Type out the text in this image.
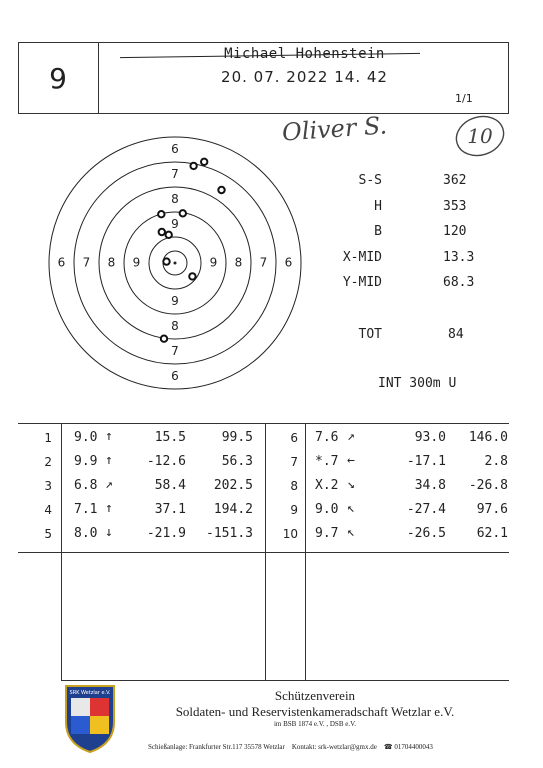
9
Michael Hohenstein
20. 07. 2022 14. 42
1/1
Oliver S.	10
6
7
8
9
9
8
7
6
6 7 8 9	9 8 7 6
S-S	362
H	353
B	120
X-MID	13.3
Y-MID	68.3
TOT	84
INT 300m U
1 9.0 ↑	15.5	99.5
2 9.9 ↑	-12.6	56.3
3 6.8 ↗	58.4	202.5
4 7.1 ↑	37.1	194.2
5 8.0 ↓	-21.9	-151.3
6 7.6 ↗	93.0	146.0
7 *.7 ←	-17.1	2.8
8 X.2 ↘	34.8	-26.8
9 9.0 ↖	-27.4	97.6
10 9.7 ↖	-26.5	62.1
SRK Wetzlar e.V.	Schützenverein
Soldaten- und Reservistenkameradschaft Wetzlar e.V.
im BSB 1874 e.V. , DSB e.V.
Schießanlage: Frankfurter Str.117 35578 Wetzlar Kontakt: srk-wetzlar@gmx.de ☎ 01704400043
